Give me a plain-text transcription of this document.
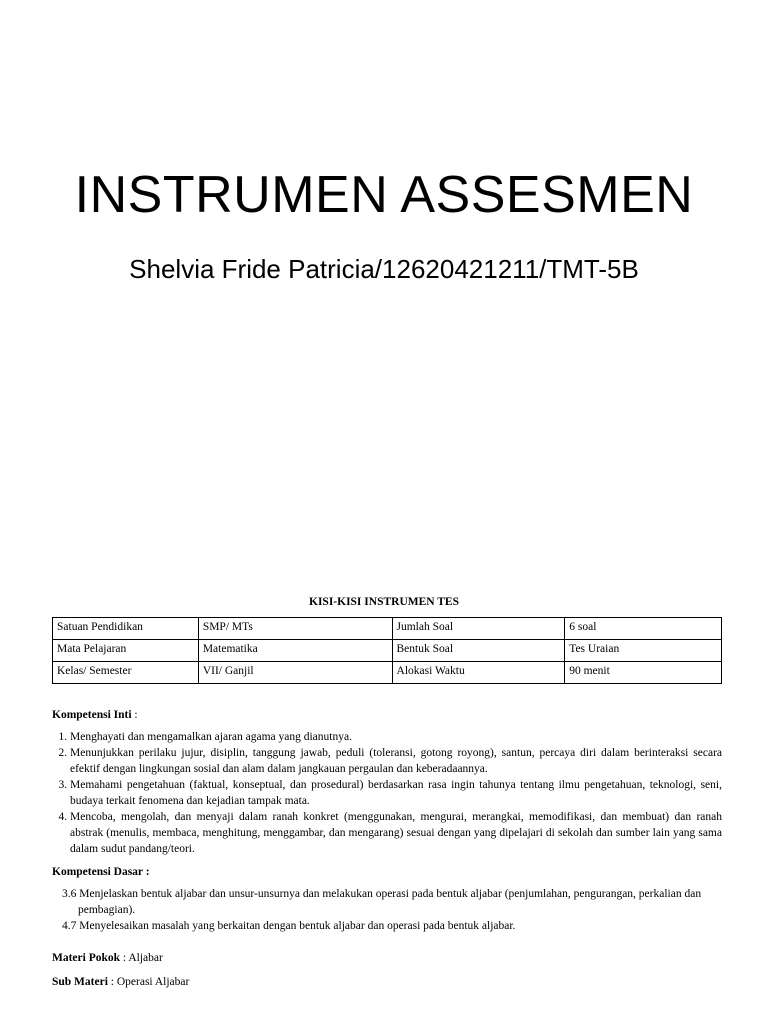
INSTRUMEN ASSESMEN
Shelvia Fride Patricia/12620421211/TMT-5B
KISI-KISI INSTRUMEN TES
Satuan Pendidikan	SMP/ MTs	Jumlah Soal	6 soal
Mata Pelajaran	Matematika	Bentuk Soal	Tes Uraian
Kelas/ Semester	VII/ Ganjil	Alokasi Waktu	90 menit
Kompetensi Inti :
1. Menghayati dan mengamalkan ajaran agama yang dianutnya.
2. Menunjukkan perilaku jujur, disiplin, tanggung jawab, peduli (toleransi, gotong royong), santun, percaya diri dalam berinteraksi secara efektif dengan lingkungan sosial dan alam dalam jangkauan pergaulan dan keberadaannya.
3. Memahami pengetahuan (faktual, konseptual, dan prosedural) berdasarkan rasa ingin tahunya tentang ilmu pengetahuan, teknologi, seni, budaya terkait fenomena dan kejadian tampak mata.
4. Mencoba, mengolah, dan menyaji dalam ranah konkret (menggunakan, mengurai, merangkai, memodifikasi, dan membuat) dan ranah abstrak (menulis, membaca, menghitung, menggambar, dan mengarang) sesuai dengan yang dipelajari di sekolah dan sumber lain yang sama dalam sudut pandang/teori.
Kompetensi Dasar :
3.6 Menjelaskan bentuk aljabar dan unsur-unsurnya dan melakukan operasi pada bentuk aljabar (penjumlahan, pengurangan, perkalian dan pembagian).
4.7 Menyelesaikan masalah yang berkaitan dengan bentuk aljabar dan operasi pada bentuk aljabar.
Materi Pokok : Aljabar
Sub Materi : Operasi Aljabar
